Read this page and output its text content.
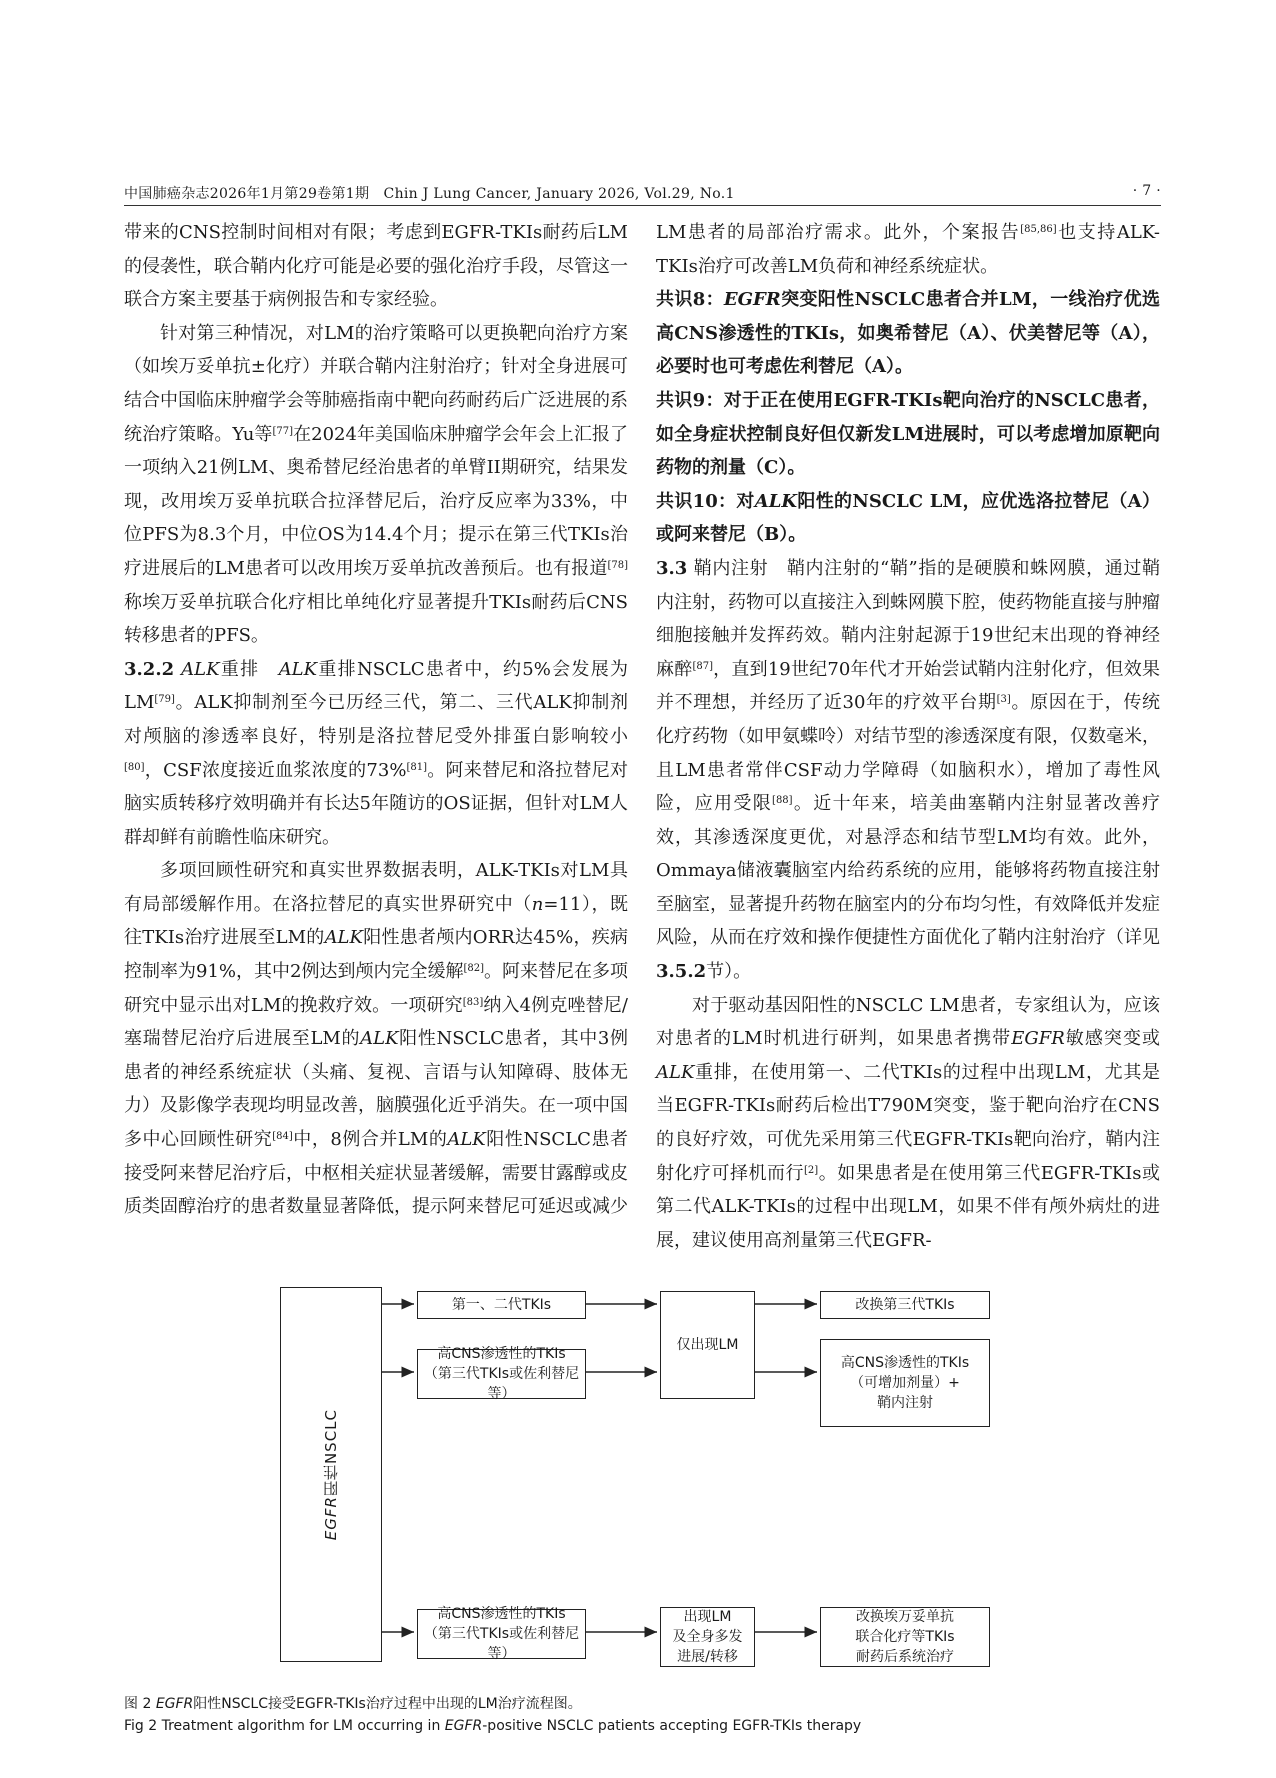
中国肺癌杂志2026年1月第29卷第1期　Chin J Lung Cancer, January 2026, Vol.29, No.1	· 7 ·

带来的CNS控制时间相对有限；考虑到EGFR-TKIs耐药后LM的侵袭性，联合鞘内化疗可能是必要的强化治疗手段，尽管这一联合方案主要基于病例报告和专家经验。

针对第三种情况，对LM的治疗策略可以更换靶向治疗方案（如埃万妥单抗±化疗）并联合鞘内注射治疗；针对全身进展可结合中国临床肿瘤学会等肺癌指南中靶向药耐药后广泛进展的系统治疗策略。Yu等[77]在2024年美国临床肿瘤学会年会上汇报了一项纳入21例LM、奥希替尼经治患者的单臂II期研究，结果发现，改用埃万妥单抗联合拉泽替尼后，治疗反应率为33%，中位PFS为8.3个月，中位OS为14.4个月；提示在第三代TKIs治疗进展后的LM患者可以改用埃万妥单抗改善预后。也有报道[78]称埃万妥单抗联合化疗相比单纯化疗显著提升TKIs耐药后CNS转移患者的PFS。

3.2.2 ALK重排　ALK重排NSCLC患者中，约5%会发展为LM[79]。ALK抑制剂至今已历经三代，第二、三代ALK抑制剂对颅脑的渗透率良好，特别是洛拉替尼受外排蛋白影响较小[80]，CSF浓度接近血浆浓度的73%[81]。阿来替尼和洛拉替尼对脑实质转移疗效明确并有长达5年随访的OS证据，但针对LM人群却鲜有前瞻性临床研究。

多项回顾性研究和真实世界数据表明，ALK-TKIs对LM具有局部缓解作用。在洛拉替尼的真实世界研究中（n=11），既往TKIs治疗进展至LM的ALK阳性患者颅内ORR达45%，疾病控制率为91%，其中2例达到颅内完全缓解[82]。阿来替尼在多项研究中显示出对LM的挽救疗效。一项研究[83]纳入4例克唑替尼/塞瑞替尼治疗后进展至LM的ALK阳性NSCLC患者，其中3例患者的神经系统症状（头痛、复视、言语与认知障碍、肢体无力）及影像学表现均明显改善，脑膜强化近乎消失。在一项中国多中心回顾性研究[84]中，8例合并LM的ALK阳性NSCLC患者接受阿来替尼治疗后，中枢相关症状显著缓解，需要甘露醇或皮质类固醇治疗的患者数量显著降低，提示阿来替尼可延迟或减少

LM患者的局部治疗需求。此外，个案报告[85,86]也支持ALK-TKIs治疗可改善LM负荷和神经系统症状。

共识8：EGFR突变阳性NSCLC患者合并LM，一线治疗优选高CNS渗透性的TKIs，如奥希替尼（A）、伏美替尼等（A），必要时也可考虑佐利替尼（A）。

共识9：对于正在使用EGFR-TKIs靶向治疗的NSCLC患者，如全身症状控制良好但仅新发LM进展时，可以考虑增加原靶向药物的剂量（C）。

共识10：对ALK阳性的NSCLC LM，应优选洛拉替尼（A）或阿来替尼（B）。

3.3 鞘内注射　鞘内注射的“鞘”指的是硬膜和蛛网膜，通过鞘内注射，药物可以直接注入到蛛网膜下腔，使药物能直接与肿瘤细胞接触并发挥药效。鞘内注射起源于19世纪末出现的脊神经麻醉[87]，直到19世纪70年代才开始尝试鞘内注射化疗，但效果并不理想，并经历了近30年的疗效平台期[3]。原因在于，传统化疗药物（如甲氨蝶呤）对结节型的渗透深度有限，仅数毫米，且LM患者常伴CSF动力学障碍（如脑积水），增加了毒性风险，应用受限[88]。近十年来，培美曲塞鞘内注射显著改善疗效，其渗透深度更优，对悬浮态和结节型LM均有效。此外，Ommaya储液囊脑室内给药系统的应用，能够将药物直接注射至脑室，显著提升药物在脑室内的分布均匀性，有效降低并发症风险，从而在疗效和操作便捷性方面优化了鞘内注射治疗（详见3.5.2节）。

对于驱动基因阳性的NSCLC LM患者，专家组认为，应该对患者的LM时机进行研判，如果患者携带EGFR敏感突变或ALK重排，在使用第一、二代TKIs的过程中出现LM，尤其是当EGFR-TKIs耐药后检出T790M突变，鉴于靶向治疗在CNS的良好疗效，可优先采用第三代EGFR-TKIs靶向治疗，鞘内注射化疗可择机而行[2]。如果患者是在使用第三代EGFR-TKIs或第二代ALK-TKIs的过程中出现LM，如果不伴有颅外病灶的进展，建议使用高剂量第三代EGFR-

EGFR阳性NSCLC
第一、二代TKIs
高CNS渗透性的TKIs
（第三代TKIs或佐利替尼等）
仅出现LM
改换第三代TKIs
高CNS渗透性的TKIs
（可增加剂量）+
鞘内注射
高CNS渗透性的TKIs
（第三代TKIs或佐利替尼等）
出现LM
及全身多发
进展/转移
改换埃万妥单抗
联合化疗等TKIs
耐药后系统治疗
图 2 EGFR阳性NSCLC接受EGFR-TKIs治疗过程中出现的LM治疗流程图。
Fig 2 Treatment algorithm for LM occurring in EGFR-positive NSCLC patients accepting EGFR-TKIs therapy
